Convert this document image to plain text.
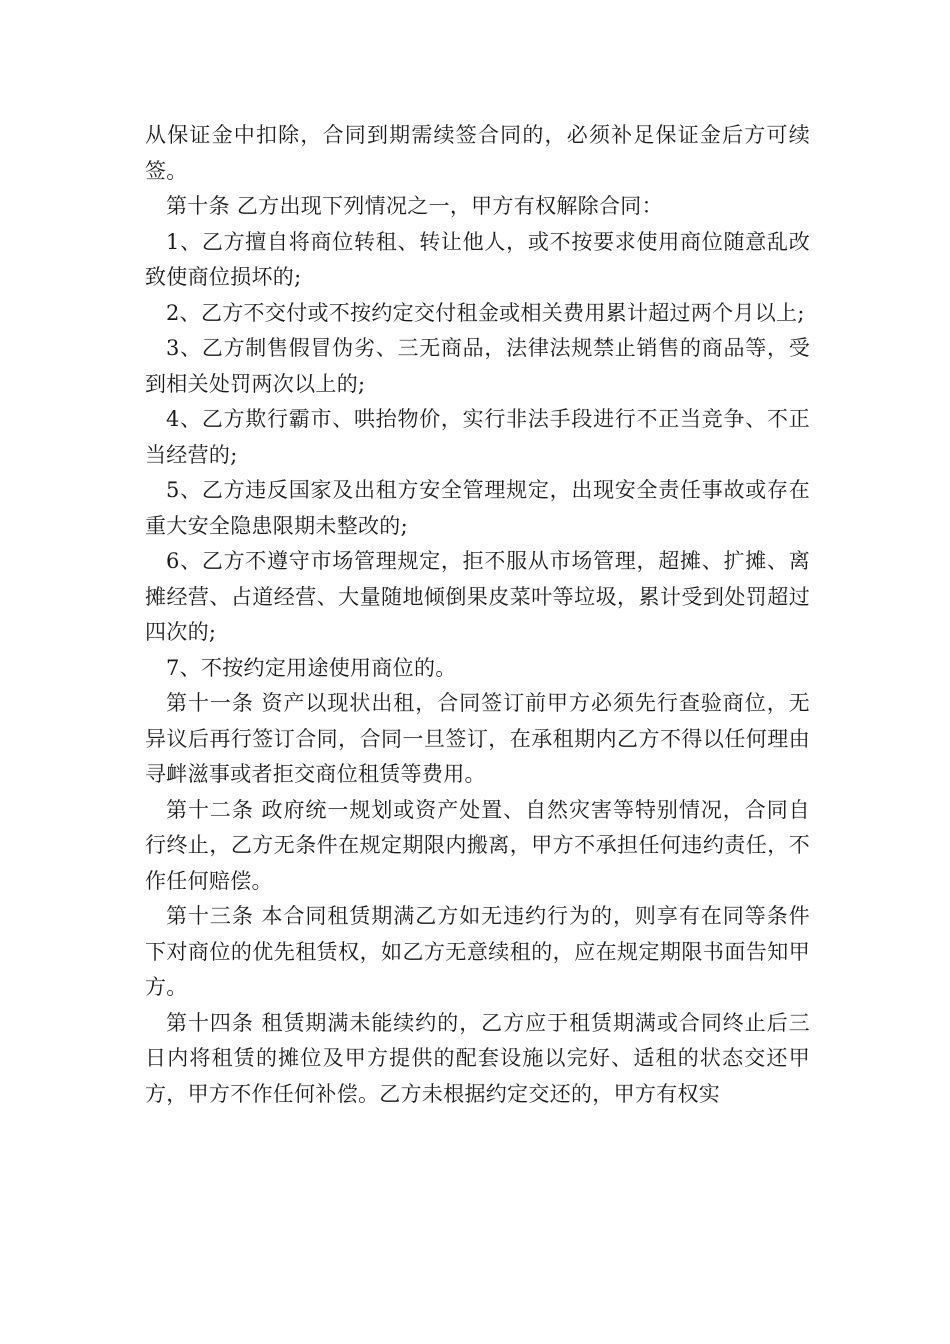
从保证金中扣除，合同到期需续签合同的，必须补足保证金后方可续签。

第十条 乙方出现下列情况之一，甲方有权解除合同：

1、乙方擅自将商位转租、转让他人，或不按要求使用商位随意乱改致使商位损坏的;

2、乙方不交付或不按约定交付租金或相关费用累计超过两个月以上;

3、乙方制售假冒伪劣、三无商品，法律法规禁止销售的商品等，受到相关处罚两次以上的;

4、乙方欺行霸市、哄抬物价，实行非法手段进行不正当竞争、不正当经营的;

5、乙方违反国家及出租方安全管理规定，出现安全责任事故或存在重大安全隐患限期未整改的;

6、乙方不遵守市场管理规定，拒不服从市场管理，超摊、扩摊、离摊经营、占道经营、大量随地倾倒果皮菜叶等垃圾，累计受到处罚超过四次的;

7、不按约定用途使用商位的。

第十一条 资产以现状出租，合同签订前甲方必须先行查验商位，无异议后再行签订合同，合同一旦签订，在承租期内乙方不得以任何理由寻衅滋事或者拒交商位租赁等费用。

第十二条 政府统一规划或资产处置、自然灾害等特别情况，合同自行终止，乙方无条件在规定期限内搬离，甲方不承担任何违约责任，不作任何赔偿。

第十三条 本合同租赁期满乙方如无违约行为的，则享有在同等条件下对商位的优先租赁权，如乙方无意续租的，应在规定期限书面告知甲方。

第十四条 租赁期满未能续约的，乙方应于租赁期满或合同终止后三日内将租赁的摊位及甲方提供的配套设施以完好、适租的状态交还甲方，甲方不作任何补偿。乙方未根据约定交还的，甲方有权实
